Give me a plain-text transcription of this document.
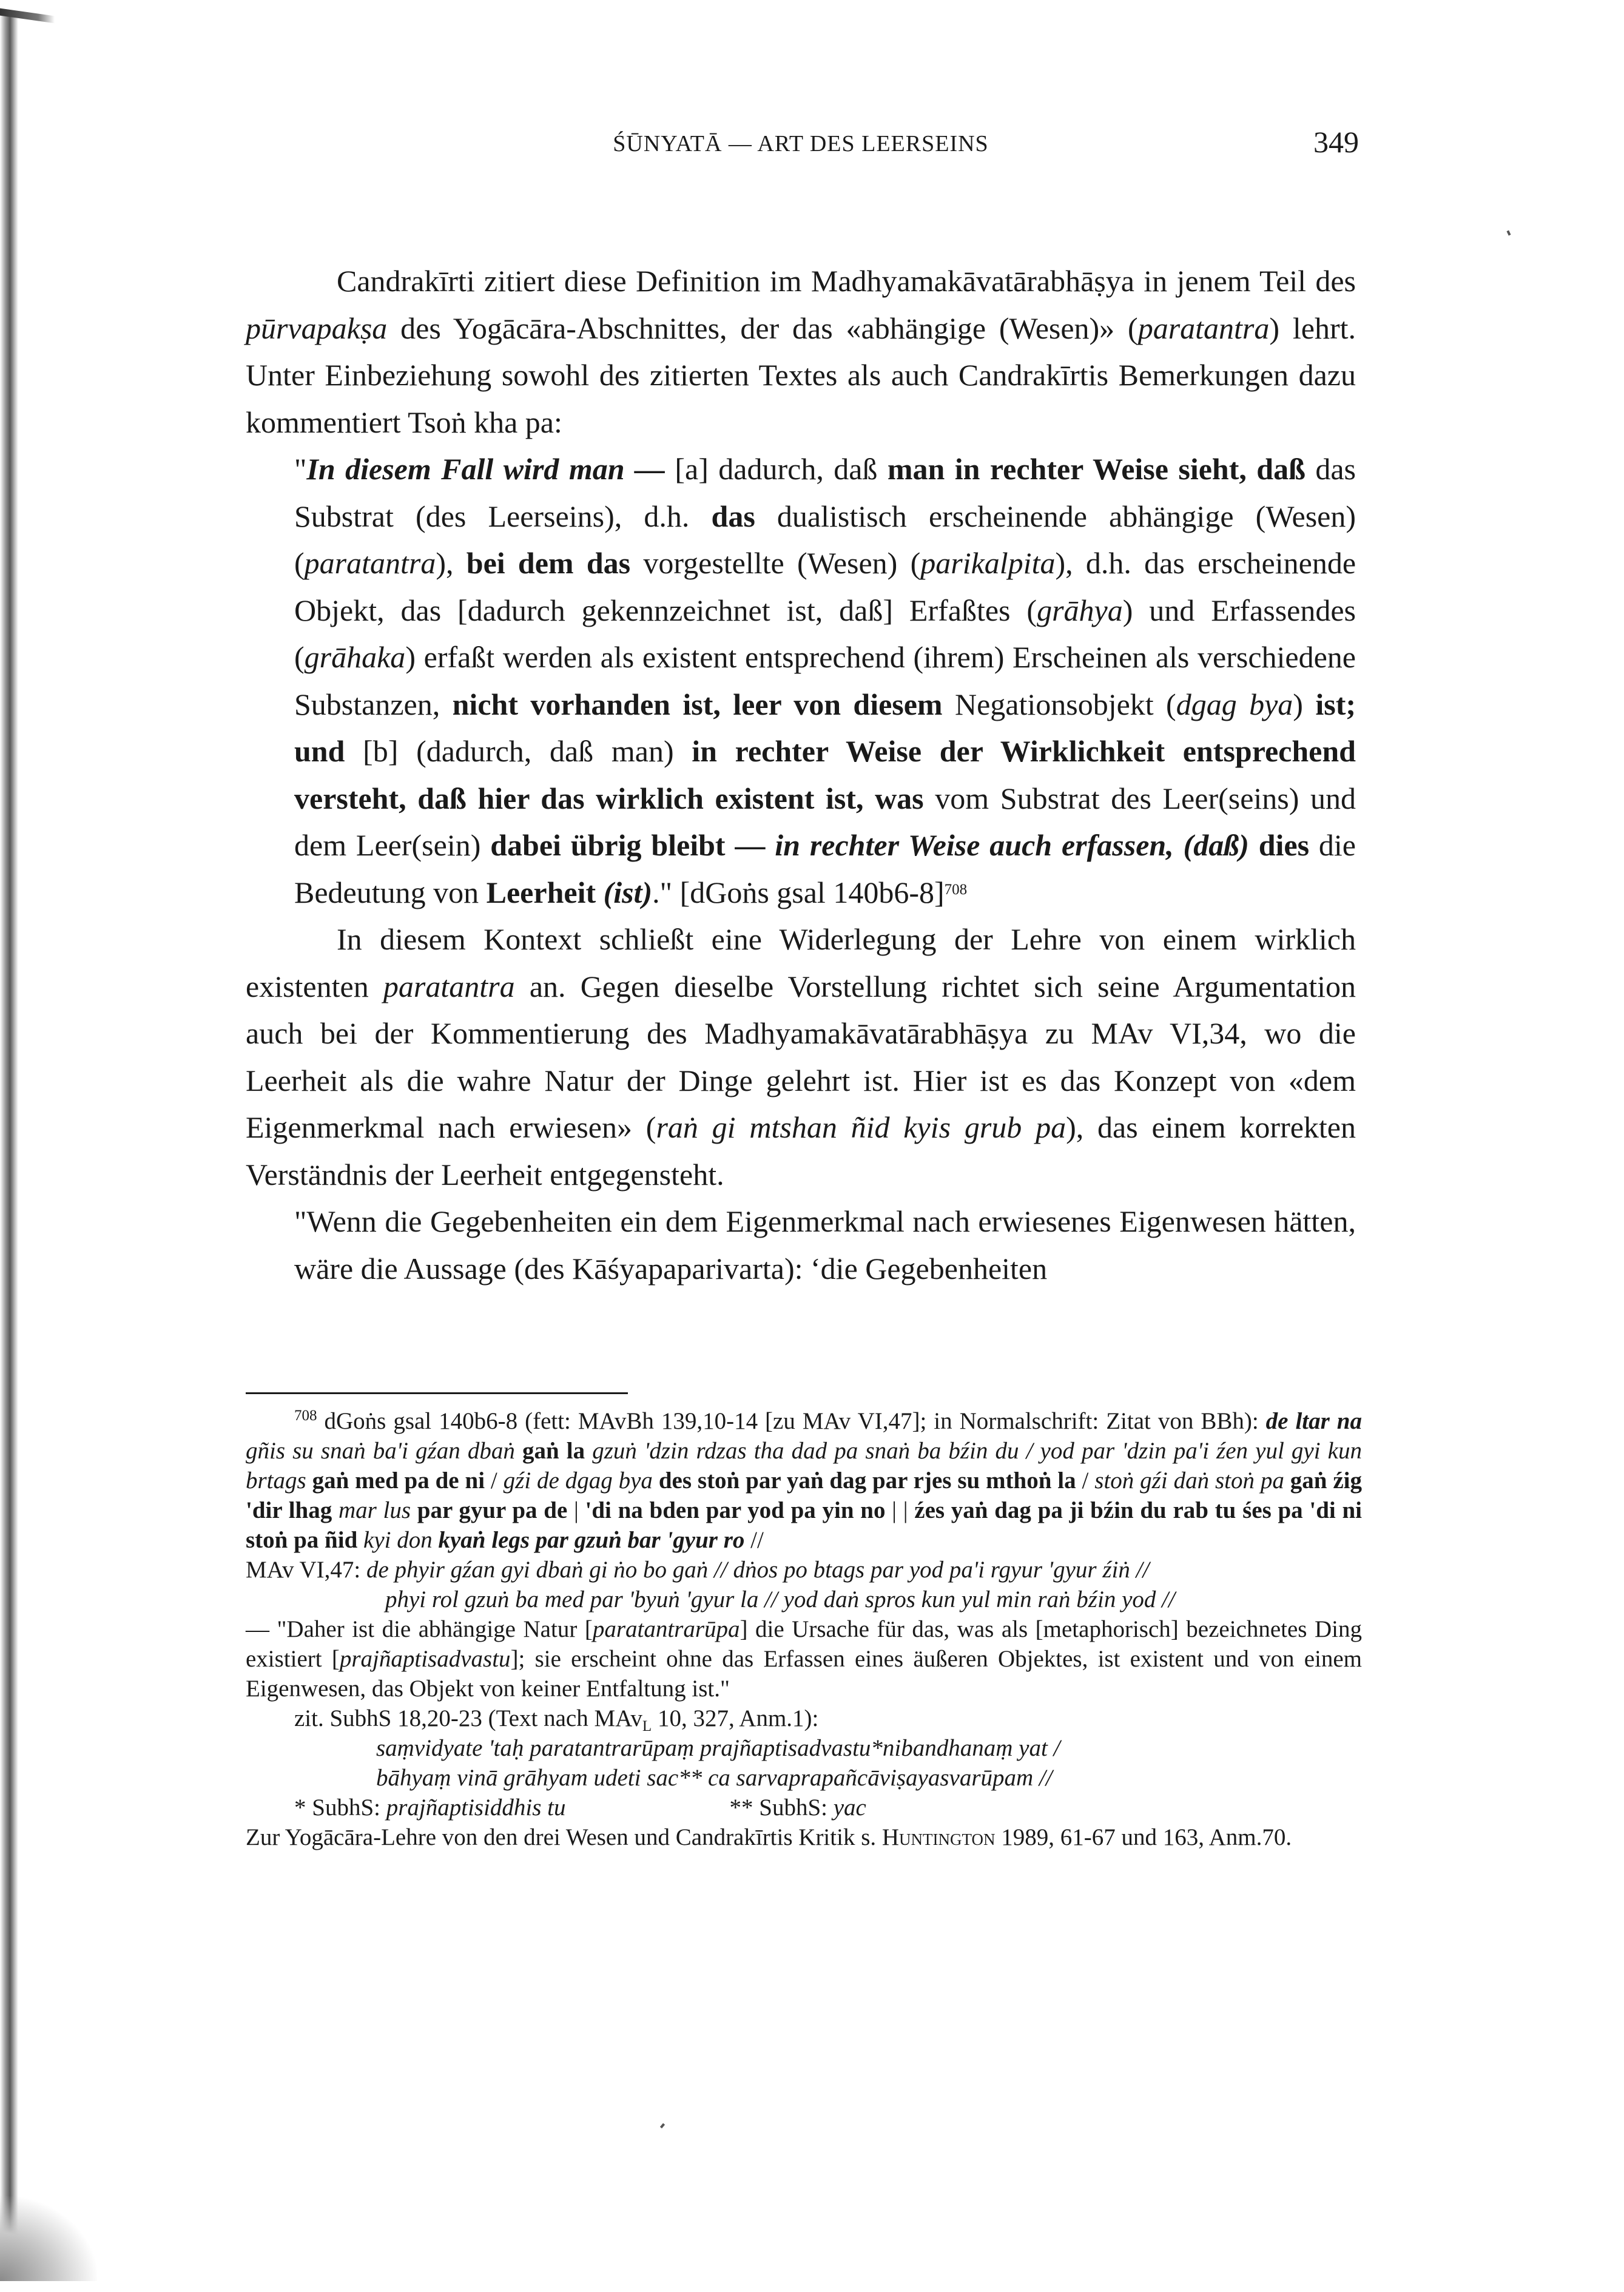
ŚŪNYATĀ — ART DES LEERSEINS	349

Candrakīrti zitiert diese Definition im Madhyamakāvatārabhāṣya in jenem Teil des pūrvapakṣa des Yogācāra-Abschnittes, der das «abhängige (Wesen)» (paratantra) lehrt. Unter Einbeziehung sowohl des zitierten Textes als auch Candrakīrtis Bemerkungen dazu kommentiert Tsoṅ kha pa:

"In diesem Fall wird man — [a] dadurch, daß man in rechter Weise sieht, daß das Substrat (des Leerseins), d.h. das dualistisch erscheinende abhängige (Wesen) (paratantra), bei dem das vorgestellte (Wesen) (parikalpita), d.h. das erscheinende Objekt, das [dadurch gekennzeichnet ist, daß] Erfaßtes (grāhya) und Erfassendes (grāhaka) erfaßt werden als existent entsprechend (ihrem) Erscheinen als verschiedene Substanzen, nicht vorhanden ist, leer von diesem Negationsobjekt (dgag bya) ist; und [b] (dadurch, daß man) in rechter Weise der Wirklichkeit entsprechend versteht, daß hier das wirklich existent ist, was vom Substrat des Leer(seins) und dem Leer(sein) dabei übrig bleibt — in rechter Weise auch erfassen, (daß) dies die Bedeutung von Leerheit (ist)." [dGoṅs gsal 140b6-8]$^{708}$

In diesem Kontext schließt eine Widerlegung der Lehre von einem wirklich existenten paratantra an. Gegen dieselbe Vorstellung richtet sich seine Argumentation auch bei der Kommentierung des Madhyamakāvatārabhāṣya zu MAv VI,34, wo die Leerheit als die wahre Natur der Dinge gelehrt ist. Hier ist es das Konzept von «dem Eigenmerkmal nach erwiesen» (raṅ gi mtshan ñid kyis grub pa), das einem korrekten Verständnis der Leerheit entgegensteht.

"Wenn die Gegebenheiten ein dem Eigenmerkmal nach erwiesenes Eigenwesen hätten, wäre die Aussage (des Kāśyapaparivarta): ‘die Gegebenheiten

$^{708}$ dGoṅs gsal 140b6-8 (fett: MAvBh 139,10-14 [zu MAv VI,47]; in Normalschrift: Zitat von BBh): de ltar na gñis su snaṅ ba'i gźan dbaṅ gaṅ la gzuṅ 'dzin rdzas tha dad pa snaṅ ba bźin du / yod par 'dzin pa'i źen yul gyi kun brtags gaṅ med pa de ni / gźi de dgag bya des stoṅ par yaṅ dag par rjes su mthoṅ la / stoṅ gźi daṅ stoṅ pa gaṅ źig 'dir lhag mar lus par gyur pa de | 'di na bden par yod pa yin no | | źes yaṅ dag pa ji bźin du rab tu śes pa 'di ni stoṅ pa ñid kyi don kyaṅ legs par gzuṅ bar 'gyur ro //

MAv VI,47: de phyir gźan gyi dbaṅ gi ṅo bo gaṅ // dṅos po btags par yod pa'i rgyur 'gyur źiṅ //

phyi rol gzuṅ ba med par 'byuṅ 'gyur la // yod daṅ spros kun yul min raṅ bźin yod //

— "Daher ist die abhängige Natur [paratantrarūpa] die Ursache für das, was als [metaphorisch] bezeichnetes Ding existiert [prajñaptisadvastu]; sie erscheint ohne das Erfassen eines äußeren Objektes, ist existent und von einem Eigenwesen, das Objekt von keiner Entfaltung ist."

zit. SubhS 18,20-23 (Text nach MAv$_L$ 10, 327, Anm.1):

saṃvidyate 'taḥ paratantrarūpaṃ prajñaptisadvastu*nibandhanaṃ yat /

bāhyaṃ vinā grāhyam udeti sac** ca sarvaprapañcāviṣayasvarūpam //

* SubhS: prajñaptisiddhis tu	** SubhS: yac

Zur Yogācāra-Lehre von den drei Wesen und Candrakīrtis Kritik s. Huntington 1989, 61-67 und 163, Anm.70.
